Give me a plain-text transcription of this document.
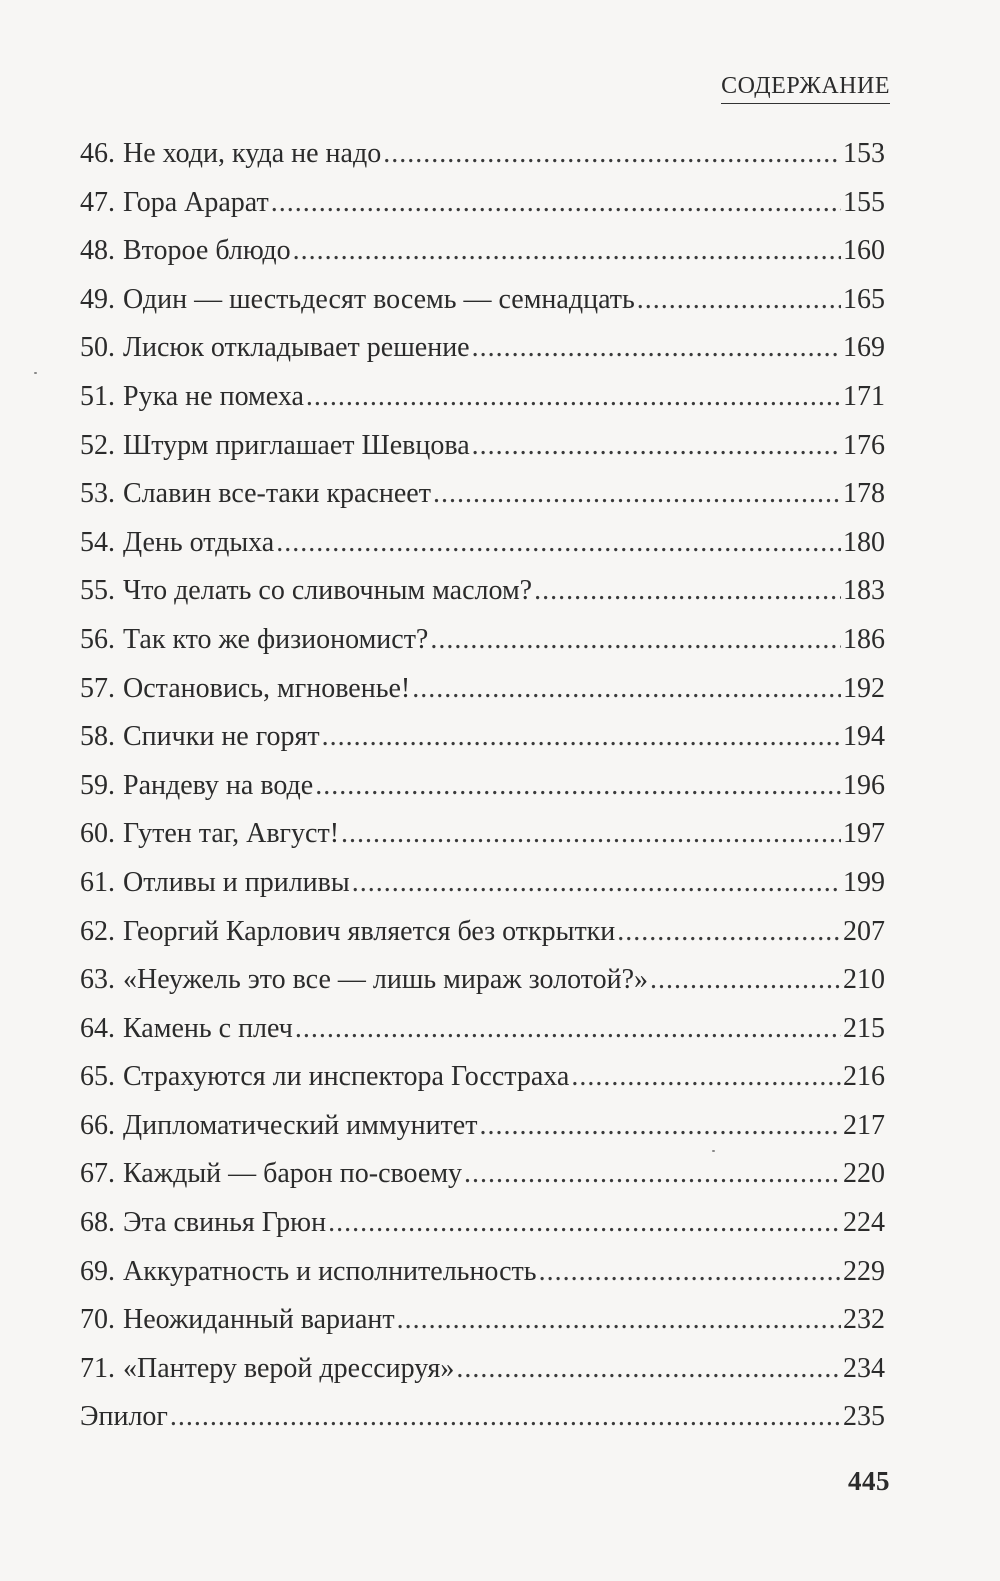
СОДЕРЖАНИЕ
46. Не ходи, куда не надо .....	153
47. Гора Арарат .....	155
48. Второе блюдо .....	160
49. Один — шестьдесят восемь — семнадцать .....	165
50. Лисюк откладывает решение .....	169
51. Рука не помеха .....	171
52. Штурм приглашает Шевцова .....	176
53. Славин все-таки краснеет .....	178
54. День отдыха .....	180
55. Что делать со сливочным маслом? .....	183
56. Так кто же физиономист? .....	186
57. Остановись, мгновенье! .....	192
58. Спички не горят .....	194
59. Рандеву на воде .....	196
60. Гутен таг, Август! .....	197
61. Отливы и приливы .....	199
62. Георгий Карлович является без открытки .....	207
63. «Неужель это все — лишь мираж золотой?» .....	210
64. Камень с плеч .....	215
65. Страхуются ли инспектора Госстраха .....	216
66. Дипломатический иммунитет .....	217
67. Каждый — барон по-своему .....	220
68. Эта свинья Грюн .....	224
69. Аккуратность и исполнительность .....	229
70. Неожиданный вариант .....	232
71. «Пантеру верой дрессируя» .....	234
Эпилог .....	235
445
